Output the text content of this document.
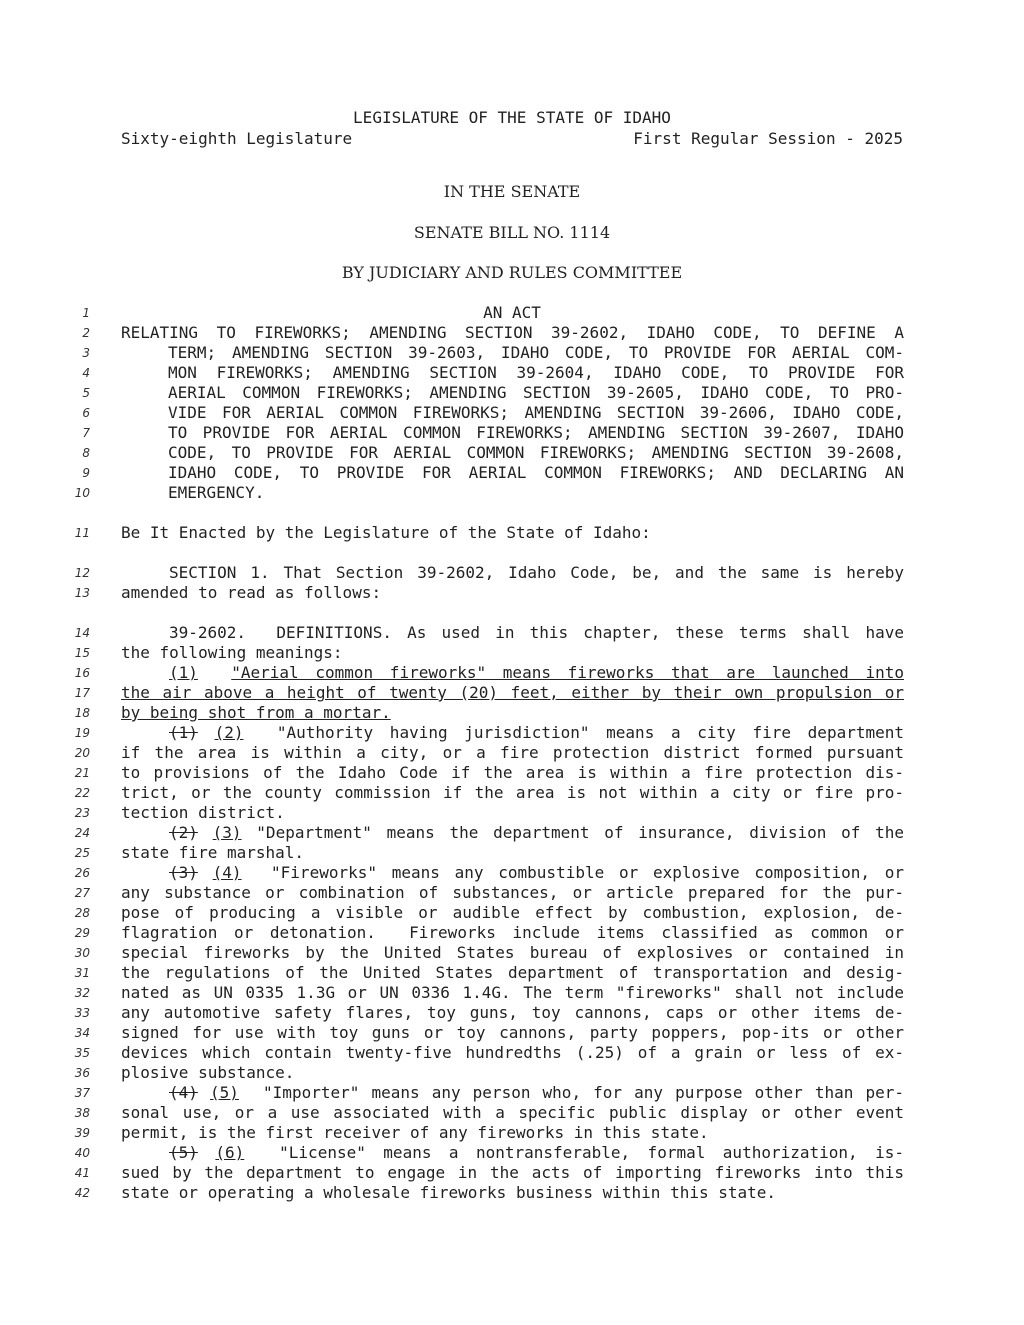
LEGISLATURE OF THE STATE OF IDAHO
Sixty-eighth Legislature	First Regular Session - 2025
IN THE SENATE
SENATE BILL NO. 1114
BY JUDICIARY AND RULES COMMITTEE
1	AN ACT
2 RELATING TO FIREWORKS; AMENDING SECTION 39-2602, IDAHO CODE, TO DEFINE A
3	TERM; AMENDING SECTION 39-2603, IDAHO CODE, TO PROVIDE FOR AERIAL COM-
4	MON FIREWORKS; AMENDING SECTION 39-2604, IDAHO CODE, TO PROVIDE FOR
5	AERIAL COMMON FIREWORKS; AMENDING SECTION 39-2605, IDAHO CODE, TO PRO-
6	VIDE FOR AERIAL COMMON FIREWORKS; AMENDING SECTION 39-2606, IDAHO CODE,
7	TO PROVIDE FOR AERIAL COMMON FIREWORKS; AMENDING SECTION 39-2607, IDAHO
8	CODE, TO PROVIDE FOR AERIAL COMMON FIREWORKS; AMENDING SECTION 39-2608,
9	IDAHO CODE, TO PROVIDE FOR AERIAL COMMON FIREWORKS; AND DECLARING AN
10	EMERGENCY.
11 Be It Enacted by the Legislature of the State of Idaho:
12	SECTION 1. That Section 39-2602, Idaho Code, be, and the same is hereby
13 amended to read as follows:
14	39-2602.  DEFINITIONS. As used in this chapter, these terms shall have
15 the following meanings:
16	(1) "Aerial common fireworks" means fireworks that are launched into
17 the air above a height of twenty (20) feet, either by their own propulsion or
18 by being shot from a mortar.
19	(1) (2)  "Authority having jurisdiction" means a city fire department
20 if the area is within a city, or a fire protection district formed pursuant
21 to provisions of the Idaho Code if the area is within a fire protection dis-
22 trict, or the county commission if the area is not within a city or fire pro-
23 tection district.
24	(2) (3) "Department" means the department of insurance, division of the
25 state fire marshal.
26	(3) (4)  "Fireworks" means any combustible or explosive composition, or
27 any substance or combination of substances, or article prepared for the pur-
28 pose of producing a visible or audible effect by combustion, explosion, de-
29 flagration or detonation.  Fireworks include items classified as common or
30 special fireworks by the United States bureau of explosives or contained in
31 the regulations of the United States department of transportation and desig-
32 nated as UN 0335 1.3G or UN 0336 1.4G. The term "fireworks" shall not include
33 any automotive safety flares, toy guns, toy cannons, caps or other items de-
34 signed for use with toy guns or toy cannons, party poppers, pop-its or other
35 devices which contain twenty-five hundredths (.25) of a grain or less of ex-
36 plosive substance.
37	(4) (5)  "Importer" means any person who, for any purpose other than per-
38 sonal use, or a use associated with a specific public display or other event
39 permit, is the first receiver of any fireworks in this state.
40	(5) (6)  "License" means a nontransferable, formal authorization, is-
41 sued by the department to engage in the acts of importing fireworks into this
42 state or operating a wholesale fireworks business within this state.
